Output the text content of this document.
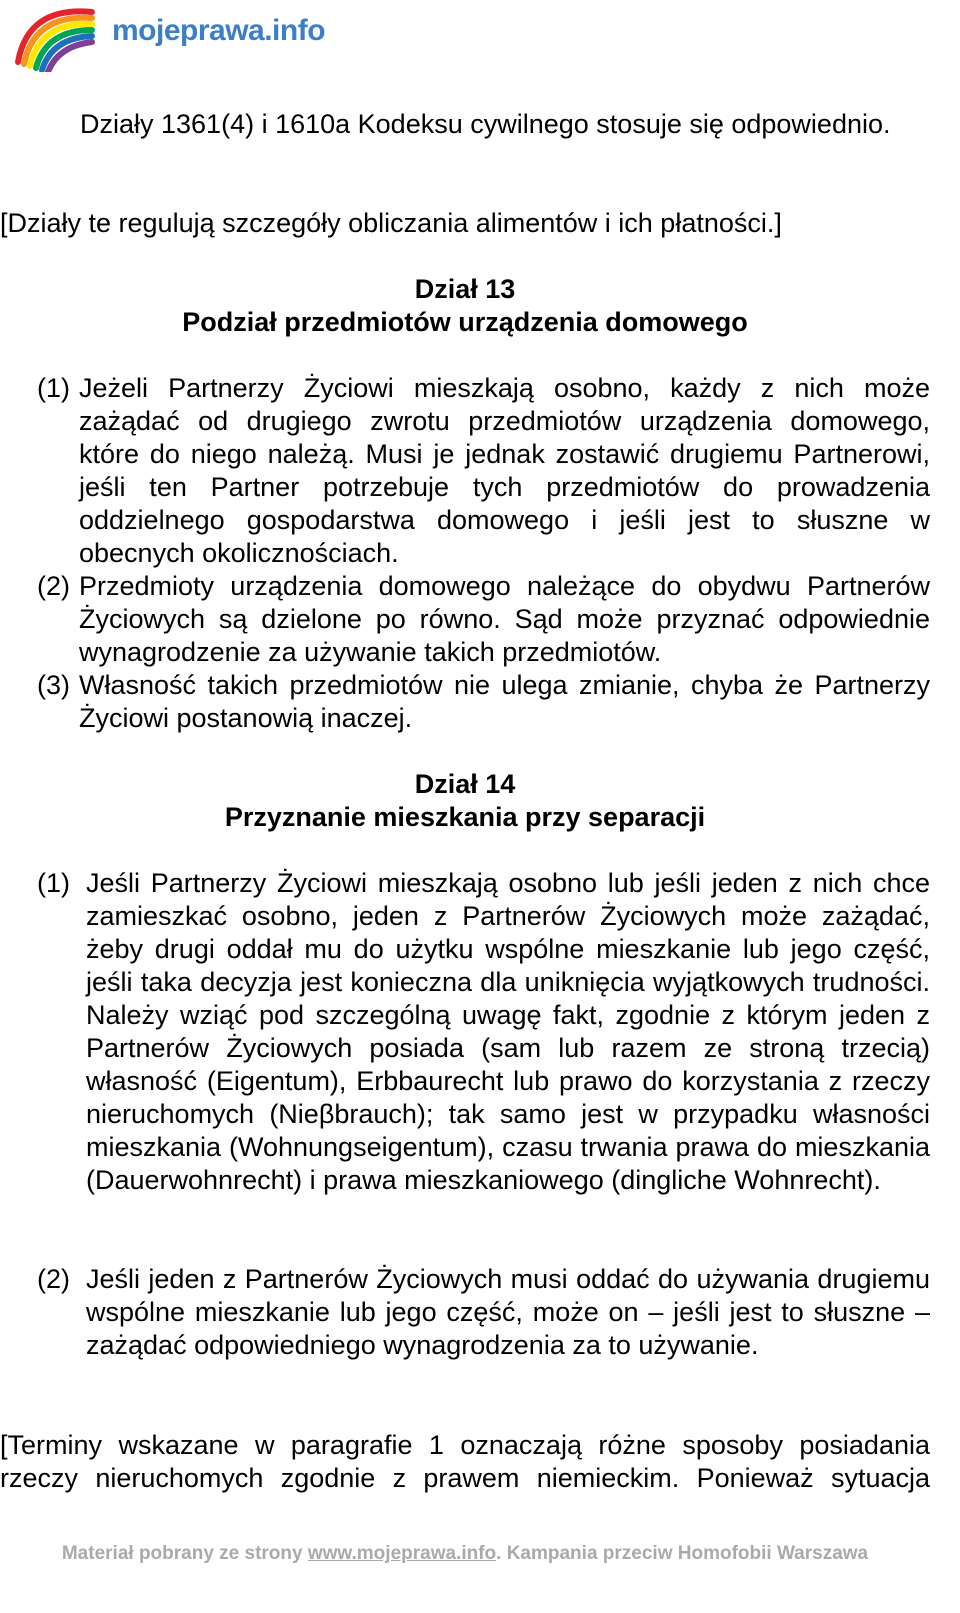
mojeprawa.info
Działy 1361(4) i 1610a Kodeksu cywilnego stosuje się odpowiednio.
[Działy te regulują szczegóły obliczania alimentów i ich płatności.]
Dział 13
Podział przedmiotów urządzenia domowego
(1) Jeżeli Partnerzy Życiowi mieszkają osobno, każdy z nich może zażądać od drugiego zwrotu przedmiotów urządzenia domowego, które do niego należą. Musi je jednak zostawić drugiemu Partnerowi, jeśli ten Partner potrzebuje tych przedmiotów do prowadzenia oddzielnego gospodarstwa domowego i jeśli jest to słuszne w obecnych okolicznościach.
(2) Przedmioty urządzenia domowego należące do obydwu Partnerów Życiowych są dzielone po równo. Sąd może przyznać odpowiednie wynagrodzenie za używanie takich przedmiotów.
(3) Własność takich przedmiotów nie ulega zmianie, chyba że Partnerzy Życiowi postanowią inaczej.
Dział 14
Przyznanie mieszkania przy separacji
(1) Jeśli Partnerzy Życiowi mieszkają osobno lub jeśli jeden z nich chce zamieszkać osobno, jeden z Partnerów Życiowych może zażądać, żeby drugi oddał mu do użytku wspólne mieszkanie lub jego część, jeśli taka decyzja jest konieczna dla uniknięcia wyjątkowych trudności. Należy wziąć pod szczególną uwagę fakt, zgodnie z którym jeden z Partnerów Życiowych posiada (sam lub razem ze stroną trzecią) własność (Eigentum), Erbbaurecht lub prawo do korzystania z rzeczy nieruchomych (Nieβbrauch); tak samo jest w przypadku własności mieszkania (Wohnungseigentum), czasu trwania prawa do mieszkania (Dauerwohnrecht) i prawa mieszkaniowego (dingliche Wohnrecht).
(2) Jeśli jeden z Partnerów Życiowych musi oddać do używania drugiemu wspólne mieszkanie lub jego część, może on – jeśli jest to słuszne – zażądać odpowiedniego wynagrodzenia za to używanie.
[Terminy wskazane w paragrafie 1 oznaczają różne sposoby posiadania rzeczy nieruchomych zgodnie z prawem niemieckim. Ponieważ sytuacja
Materiał pobrany ze strony www.mojeprawa.info. Kampania przeciw Homofobii Warszawa
